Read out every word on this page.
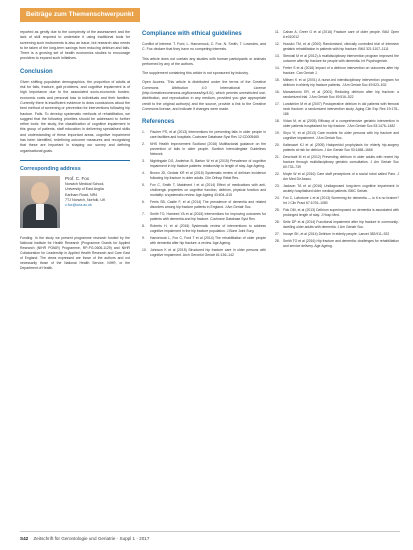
Beiträge zum Themenschwerpunkt

reported as gently due to the complexity of the assessment and the lack of skill required to undertake it using traditional tools for screening such instruments is also an issue, but research also needs to be taken of the long-term savings from reducing delirium and falls. There is a growing set of health economics studies to encourage providers to expand such initiatives.

Conclusion

Given shifting population demographics, the proportion of adults at risk for falls, fracture, gait problems, and cognitive impairment is of high importance due to the associated socio-economic burden, economic costs and personal loss to individuals and their families. Currently there is insufficient evidence to draw conclusions about the best method of screening or prevention for interventions following hip fracture. Falls. To develop systematic methods of rehabilitation, we suggest that the following priorities should be addressed to further refine tools: the study, the classification of cognitive impairment in this group of patients, staff education in delivering specialised skills and understanding of these important areas, cognitive impairment has been identified, redefining outcome measures and recognising that these are important in shaping our survey and defining organisational goals.

Corresponding address
Prof. C. Fox
Norwich Medical School,
University of East Anglia
Earlham Road, NR4
7TJ Norwich, Norfolk, UK
c.fox@uea.ac.uk

Funding. In the study we present programme research funded by the National Institute for Health Research (Programme Grants for Applied Research (NIHR PGfAR) Programme, RP-PG-0606-1129) and NIHR Collaboration for Leadership in Applied Health Research and Care East of England. The views expressed are those of the authors and not necessarily those of the National Health Service, NIHR, or the Department of Health.

Compliance with ethical guidelines

Conflict of interest. T. Ford, L. Hanvenock, C. Fox, N. Smith, T. Lowndes, and C. Fox declare that they have no competing interests.

This article does not contain any studies with human participants or animals performed by any of the authors.

The supplement containing this article is not sponsored by industry.

Open Access. This article is distributed under the terms of the Creative Commons Attribution 4.0 International License (http://creativecommons.org/licenses/by/4.0/), which permits unrestricted use, distribution, and reproduction in any medium, provided you give appropriate credit to the original author(s) and the source, provide a link to the Creative Commons license, and indicate if changes were made.

References
1. Fischer PS, et al (2013) Interventions for preventing falls in older people in care facilities and hospitals. Cochrane Database Syst Rev 12:CD005465
2. NHS Health Improvement Scotland (2016) Multifactorial guidance on the prevention of falls in older people. Scottish Intercollegiate Guidelines Network.
3. Nightingale DG, Anderton B, Barton W et al (2015) Prevalence of cognitive impairment in hip fracture patients: relationship to length of stay. Age Ageing.
4. Brown JD, Gedatz KR et al (2015) Systematic review of delirium incidence following hip fracture in older adults. Clin Orthop Relat Res.
5. Fox C, Smith T, Maidment I et al (2014) Effect of medications with anti-cholinergic properties on cognitive function, delirium, physical function and mortality: a systematic review. Age Ageing 43:604–615
6. Ferris SB, Castle F, et al (2014) The prevalence of dementia and related disorders among hip fracture patients in England. J Am Geriatr Soc.
7. Smith TO, Hameed YA et al (2015) Interventions for improving outcomes for patients with dementia and hip fracture. Cochrane Database Syst Rev.
8. Roberts H, et al (2016) Systematic review of interventions to address cognitive impairment in the hip fracture population. J Bone Joint Surg.
9. Hanvenock L, Fox C, Ford T et al (2014) The rehabilitation of older people with dementia after hip fracture: a review. Age Ageing.
10. Johnson K et al (2015) Structured hip fracture care in older persons with cognitive impairment. Arch Gerontol Geriatr 61:136–142
11. Cahan A, Greer G et al (2016) Fracture care of older people. BMJ Open 6:e010012
12. Huusko TM, et al (2000) Randomised, clinically controlled trial of intensive geriatric rehabilitation in patients with hip fracture. BMJ 321:1107–1111
13. Stenvall M et al (2012) A multidisciplinary intervention program improved the outcome after hip fracture for people with dementia. Int Psychogeriatr.
14. Freter S et al (2016) Impact of a delirium intervention on outcomes after hip fracture. Can Geriatr J.
15. Milisen K et al (2001) A nurse-led interdisciplinary intervention program for delirium in elderly hip fracture patients. J Am Geriatr Soc 49:523–532
16. Marcantonio ER, et al (2001) Reducing delirium after hip fracture: a randomized trial. J Am Geriatr Soc 49:516–522
17. Lundström M et al (2007) Postoperative delirium in old patients with femoral neck fracture: a randomized intervention study. Aging Clin Exp Res 19:178–186
18. Vidan M, et al (2005) Efficacy of a comprehensive geriatric intervention in older patients hospitalized for hip fracture. J Am Geriatr Soc 53:1476–1482
19. Shyu YI, et al (2013) Care models for older persons with hip fracture and cognitive impairment. J Am Geriatr Soc.
20. Kalisvaart KJ et al (2005) Haloperidol prophylaxis for elderly hip-surgery patients at risk for delirium. J Am Geriatr Soc 53:1658–1666
21. Deschodt M et al (2012) Preventing delirium in older adults with recent hip fracture through multidisciplinary geriatric consultation. J Am Geriatr Soc 60:733–739
22. Moyle W et al (2016) Care staff perceptions of a social robot called Paro. J Am Med Dir Assoc.
23. Jackson TA et al (2016) Undiagnosed long-term cognitive impairment in acutely hospitalised older medical patients. BMC Geriatr.
24. Fox C, Lafortune L et al (2013) Screening for dementia — is it a no brainer? Int J Clin Pract 67:1076–1080
25. Fick DM, et al (2013) Delirium superimposed on dementia is associated with prolonged length of stay. J Hosp Med.
26. Seitz DP et al (2014) Functional impairment after hip fracture in community-dwelling older adults with dementia. J Am Geriatr Soc.
27. Inouye SK, et al (2014) Delirium in elderly people. Lancet 383:911–922
28. Smith TO et al (2016) Hip fracture and dementia: challenges for rehabilitation and service delivery. Age Ageing.
S42 Zeitschrift für Gerontologie und Geriatrie · Suppl 1 · 2017
